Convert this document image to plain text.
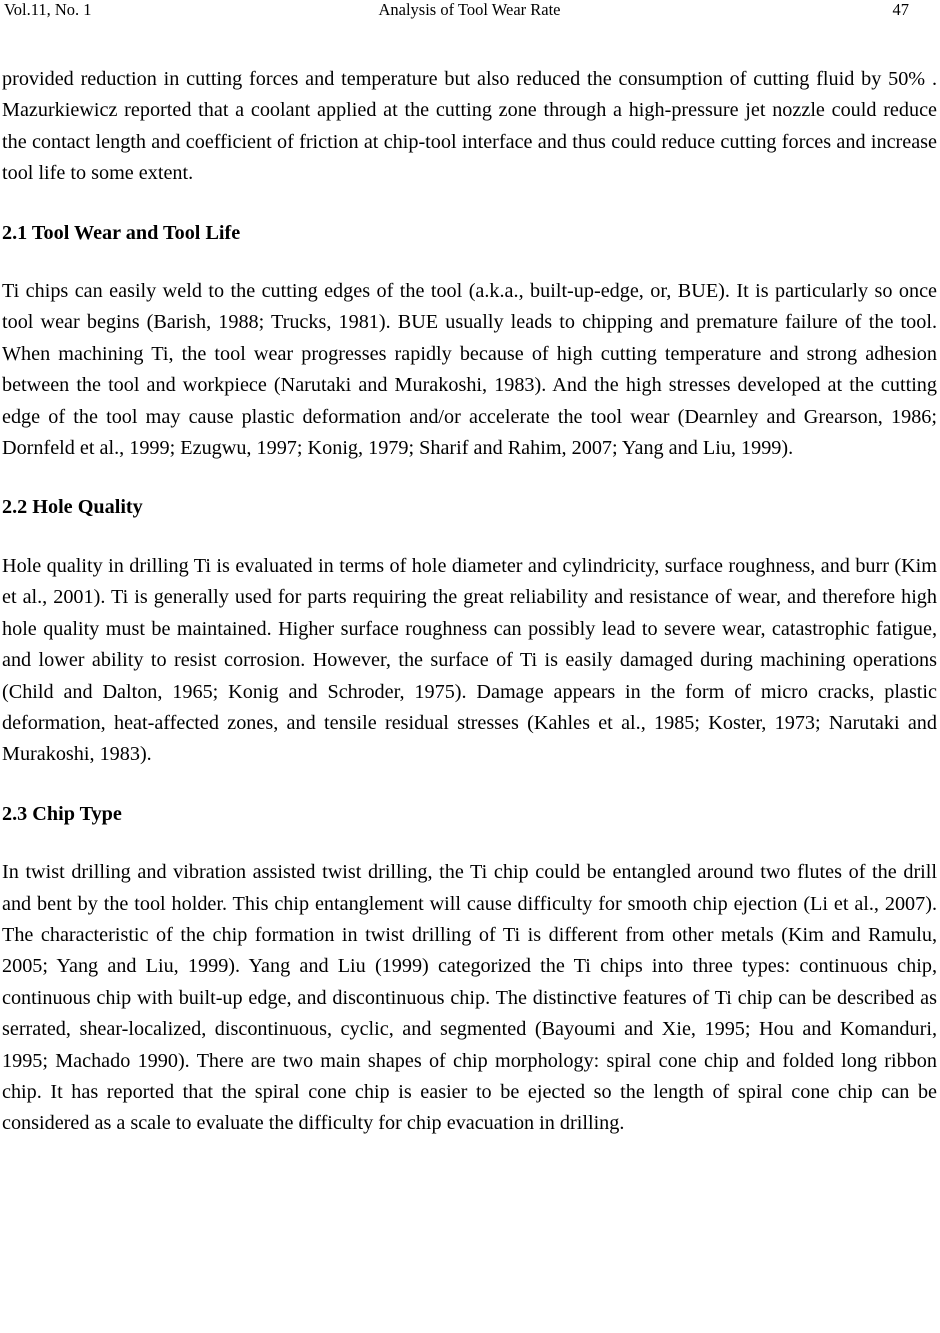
Vol.11, No. 1	Analysis of Tool Wear Rate	47

provided reduction in cutting forces and temperature but also reduced the consumption of cutting fluid by 50% . Mazurkiewicz reported that a coolant applied at the cutting zone through a high-pressure jet nozzle could reduce the contact length and coefficient of friction at chip-tool interface and thus could reduce cutting forces and increase tool life to some extent.

2.1 Tool Wear and Tool Life

Ti chips can easily weld to the cutting edges of the tool (a.k.a., built-up-edge, or, BUE). It is particularly so once tool wear begins (Barish, 1988; Trucks, 1981). BUE usually leads to chipping and premature failure of the tool. When machining Ti, the tool wear progresses rapidly because of high cutting temperature and strong adhesion between the tool and workpiece (Narutaki and Murakoshi, 1983). And the high stresses developed at the cutting edge of the tool may cause plastic deformation and/or accelerate the tool wear (Dearnley and Grearson, 1986; Dornfeld et al., 1999; Ezugwu, 1997; Konig, 1979; Sharif and Rahim, 2007; Yang and Liu, 1999).

2.2 Hole Quality

Hole quality in drilling Ti is evaluated in terms of hole diameter and cylindricity, surface roughness, and burr (Kim et al., 2001). Ti is generally used for parts requiring the great reliability and resistance of wear, and therefore high hole quality must be maintained. Higher surface roughness can possibly lead to severe wear, catastrophic fatigue, and lower ability to resist corrosion. However, the surface of Ti is easily damaged during machining operations (Child and Dalton, 1965; Konig and Schroder, 1975). Damage appears in the form of micro cracks, plastic deformation, heat-affected zones, and tensile residual stresses (Kahles et al., 1985; Koster, 1973; Narutaki and Murakoshi, 1983).

2.3 Chip Type

In twist drilling and vibration assisted twist drilling, the Ti chip could be entangled around two flutes of the drill and bent by the tool holder. This chip entanglement will cause difficulty for smooth chip ejection (Li et al., 2007). The characteristic of the chip formation in twist drilling of Ti is different from other metals (Kim and Ramulu, 2005; Yang and Liu, 1999). Yang and Liu (1999) categorized the Ti chips into three types: continuous chip, continuous chip with built-up edge, and discontinuous chip. The distinctive features of Ti chip can be described as serrated, shear-localized, discontinuous, cyclic, and segmented (Bayoumi and Xie, 1995; Hou and Komanduri, 1995; Machado 1990). There are two main shapes of chip morphology: spiral cone chip and folded long ribbon chip. It has reported that the spiral cone chip is easier to be ejected so the length of spiral cone chip can be considered as a scale to evaluate the difficulty for chip evacuation in drilling.
